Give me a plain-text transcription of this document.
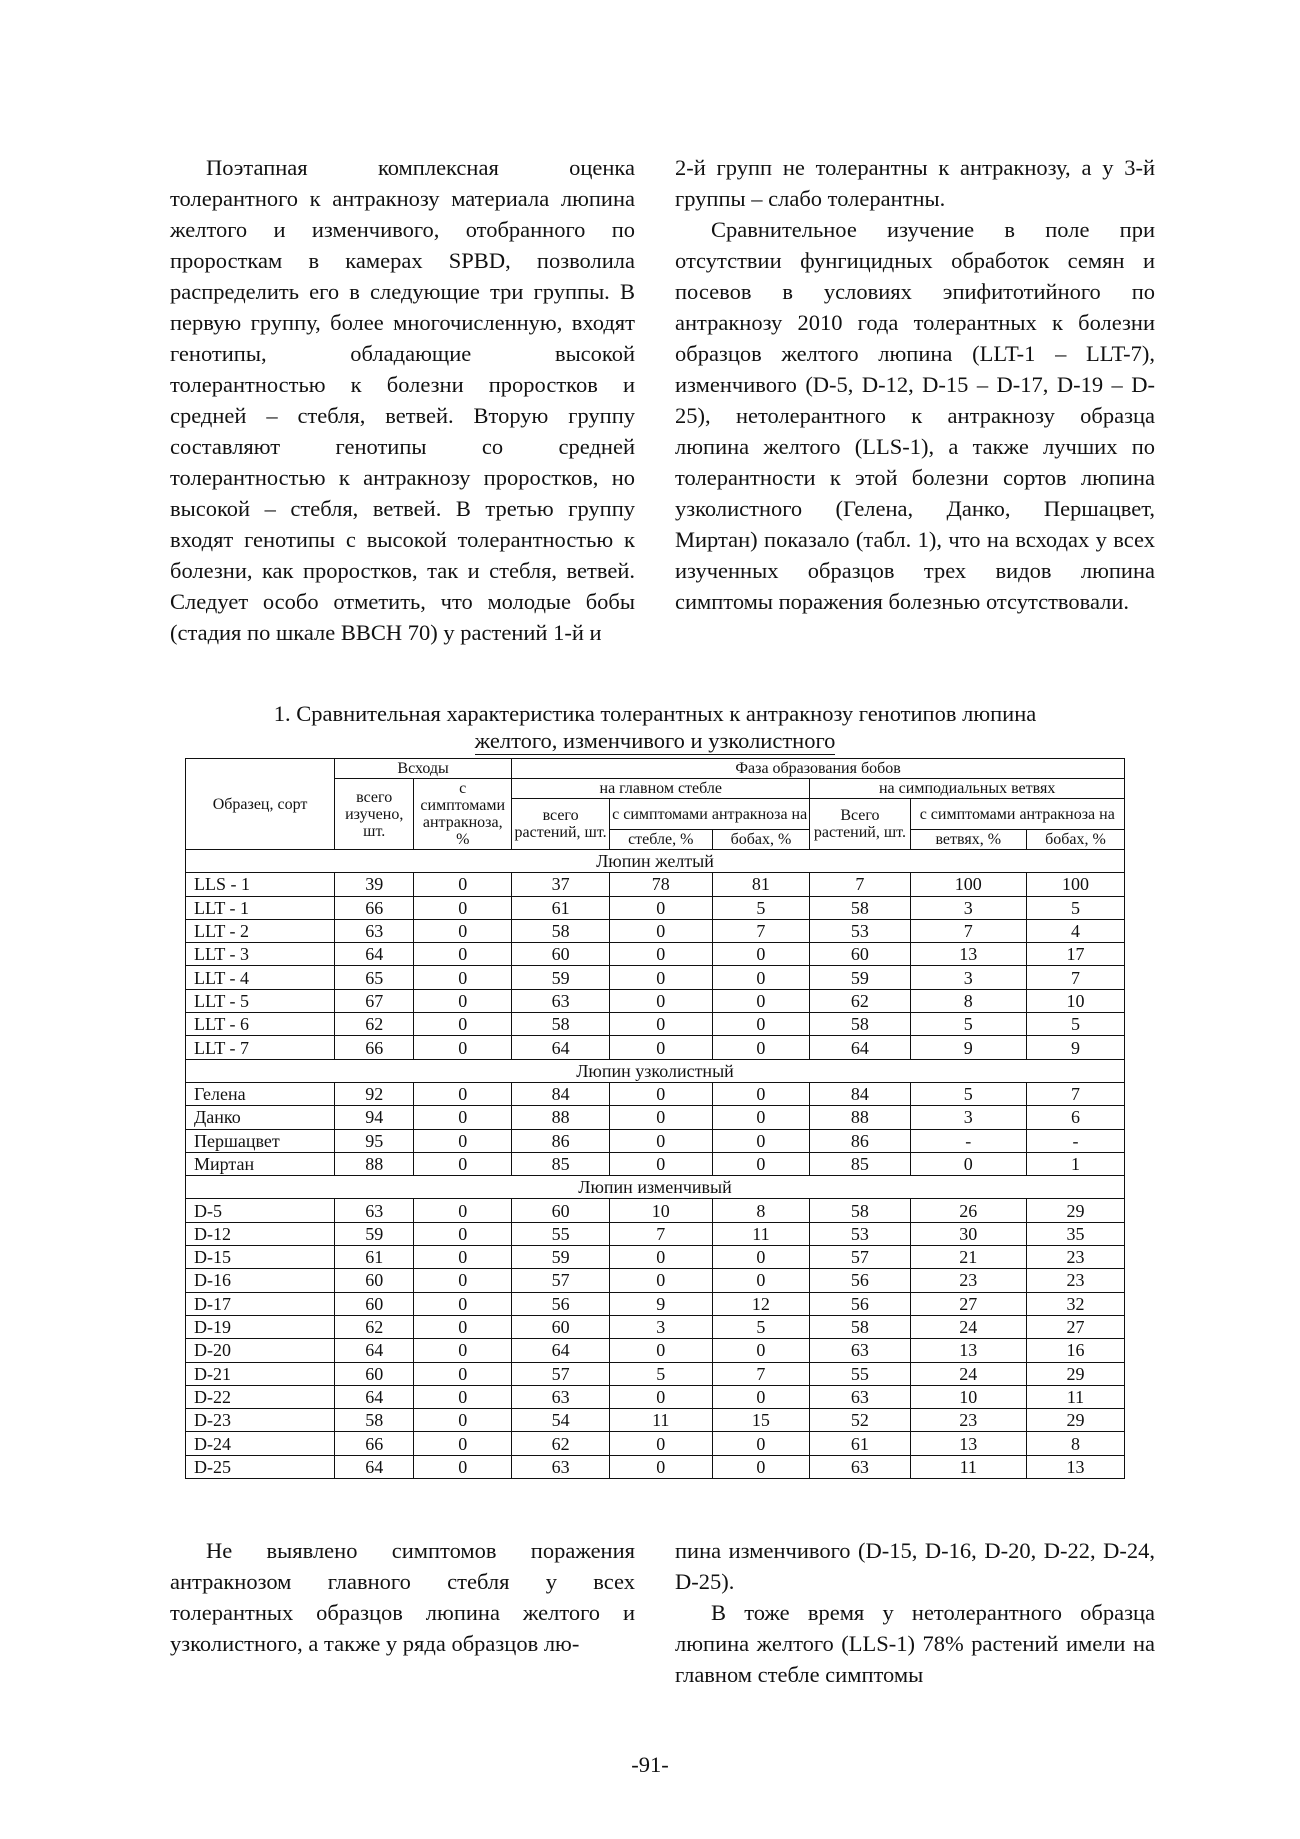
Поэтапная комплексная оценка толерантного к антракнозу материала люпина желтого и изменчивого, отобранного по проросткам в камерах SPBD, позволила распределить его в следующие три группы. В первую группу, более многочисленную, входят генотипы, обладающие высокой толерантностью к болезни проростков и средней – стебля, ветвей. Вторую группу составляют генотипы со средней толерантностью к антракнозу проростков, но высокой – стебля, ветвей. В третью группу входят генотипы с высокой толерантностью к болезни, как проростков, так и стебля, ветвей. Следует особо отметить, что молодые бобы (стадия по шкале BBCH 70) у растений 1-й и

2-й групп не толерантны к антракнозу, а у 3-й группы – слабо толерантны.

Сравнительное изучение в поле при отсутствии фунгицидных обработок семян и посевов в условиях эпифитотийного по антракнозу 2010 года толерантных к болезни образцов желтого люпина (LLT-1 – LLT-7), изменчивого (D-5, D-12, D-15 – D-17, D-19 – D-25), нетолерантного к антракнозу образца люпина желтого (LLS-1), а также лучших по толерантности к этой болезни сортов люпина узколистного (Гелена, Данко, Першацвет, Миртан) показало (табл. 1), что на всходах у всех изученных образцов трех видов люпина симптомы поражения болезнью отсутствовали.

1. Сравнительная характеристика толерантных к антракнозу генотипов люпина
желтого, изменчивого и узколистного
Образец, сорт	Всходы		Фаза образования бобов					
	всего изучено, шт.	с симптомами антракноза, %	на главном стебле			на симподиальных ветвях		
			всего растений, шт.	с симптомами антракноза на		Всего растений, шт.	с симптомами антракноза на	
				стебле, %	бобах, %		ветвях, %	бобах, %
Люпин желтый								
LLS - 1	39	0	37	78	81	7	100	100
LLT - 1	66	0	61	0	5	58	3	5
LLT - 2	63	0	58	0	7	53	7	4
LLT - 3	64	0	60	0	0	60	13	17
LLT - 4	65	0	59	0	0	59	3	7
LLT - 5	67	0	63	0	0	62	8	10
LLT - 6	62	0	58	0	0	58	5	5
LLT - 7	66	0	64	0	0	64	9	9
Люпин узколистный								
Гелена	92	0	84	0	0	84	5	7
Данко	94	0	88	0	0	88	3	6
Першацвет	95	0	86	0	0	86	-	-
Миртан	88	0	85	0	0	85	0	1
Люпин изменчивый								
D-5	63	0	60	10	8	58	26	29
D-12	59	0	55	7	11	53	30	35
D-15	61	0	59	0	0	57	21	23
D-16	60	0	57	0	0	56	23	23
D-17	60	0	56	9	12	56	27	32
D-19	62	0	60	3	5	58	24	27
D-20	64	0	64	0	0	63	13	16
D-21	60	0	57	5	7	55	24	29
D-22	64	0	63	0	0	63	10	11
D-23	58	0	54	11	15	52	23	29
D-24	66	0	62	0	0	61	13	8
D-25	64	0	63	0	0	63	11	13

Не выявлено симптомов поражения антракнозом главного стебля у всех толерантных образцов люпина желтого и узколистного, а также у ряда образцов лю-

пина изменчивого (D-15, D-16, D-20, D-22, D-24, D-25).

В тоже время у нетолерантного образца люпина желтого (LLS-1) 78% растений имели на главном стебле симптомы

-91-
